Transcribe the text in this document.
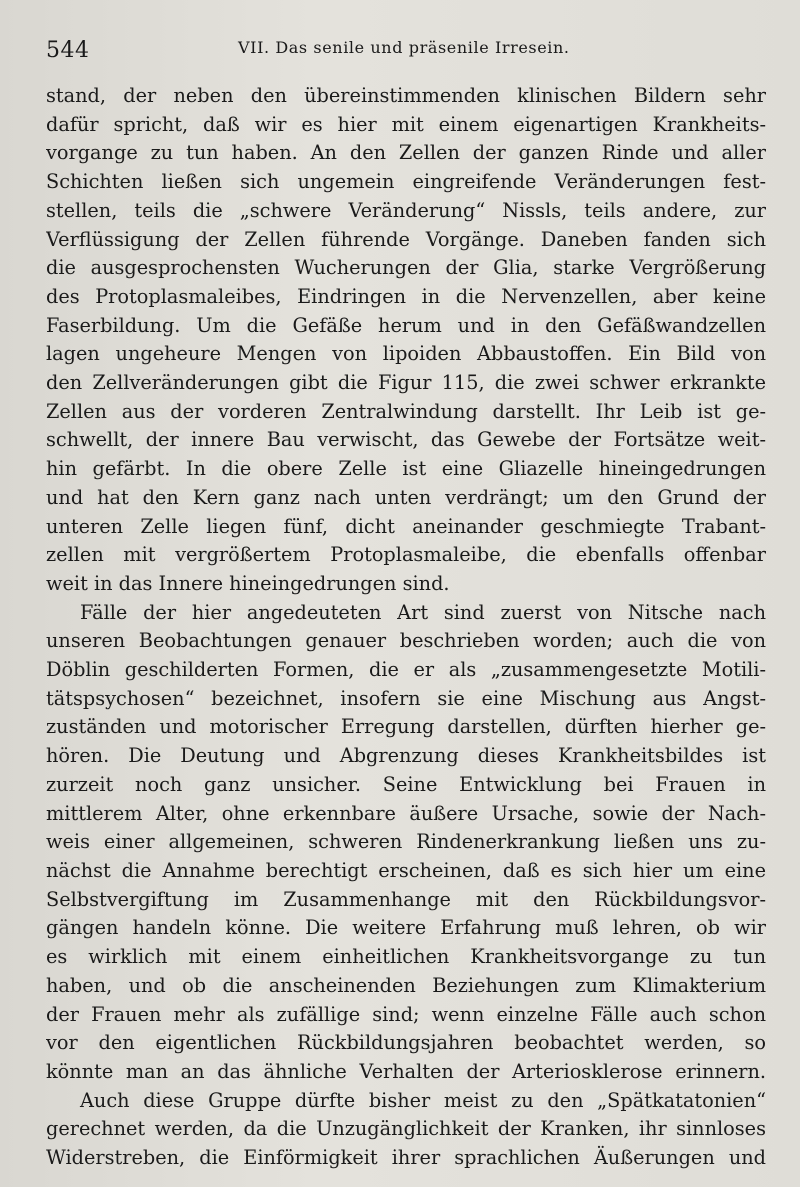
544	VII. Das senile und präsenile Irresein.
stand, der neben den übereinstimmenden klinischen Bildern sehr
dafür spricht, daß wir es hier mit einem eigenartigen Krankheits-
vorgange zu tun haben. An den Zellen der ganzen Rinde und aller
Schichten ließen sich ungemein eingreifende Veränderungen fest-
stellen, teils die „schwere Veränderung“ Nissls, teils andere, zur
Verflüssigung der Zellen führende Vorgänge. Daneben fanden sich
die ausgesprochensten Wucherungen der Glia, starke Vergrößerung
des Protoplasmaleibes, Eindringen in die Nervenzellen, aber keine
Faserbildung. Um die Gefäße herum und in den Gefäßwandzellen
lagen ungeheure Mengen von lipoiden Abbaustoffen. Ein Bild von
den Zellveränderungen gibt die Figur 115, die zwei schwer erkrankte
Zellen aus der vorderen Zentralwindung darstellt. Ihr Leib ist ge-
schwellt, der innere Bau verwischt, das Gewebe der Fortsätze weit-
hin gefärbt. In die obere Zelle ist eine Gliazelle hineingedrungen
und hat den Kern ganz nach unten verdrängt; um den Grund der
unteren Zelle liegen fünf, dicht aneinander geschmiegte Trabant-
zellen mit vergrößertem Protoplasmaleibe, die ebenfalls offenbar
weit in das Innere hineingedrungen sind.
Fälle der hier angedeuteten Art sind zuerst von Nitsche nach
unseren Beobachtungen genauer beschrieben worden; auch die von
Döblin geschilderten Formen, die er als „zusammengesetzte Motili-
tätspsychosen“ bezeichnet, insofern sie eine Mischung aus Angst-
zuständen und motorischer Erregung darstellen, dürften hierher ge-
hören. Die Deutung und Abgrenzung dieses Krankheitsbildes ist
zurzeit noch ganz unsicher. Seine Entwicklung bei Frauen in
mittlerem Alter, ohne erkennbare äußere Ursache, sowie der Nach-
weis einer allgemeinen, schweren Rindenerkrankung ließen uns zu-
nächst die Annahme berechtigt erscheinen, daß es sich hier um eine
Selbstvergiftung im Zusammenhange mit den Rückbildungsvor-
gängen handeln könne. Die weitere Erfahrung muß lehren, ob wir
es wirklich mit einem einheitlichen Krankheitsvorgange zu tun
haben, und ob die anscheinenden Beziehungen zum Klimakterium
der Frauen mehr als zufällige sind; wenn einzelne Fälle auch schon
vor den eigentlichen Rückbildungsjahren beobachtet werden, so
könnte man an das ähnliche Verhalten der Arteriosklerose erinnern.
Auch diese Gruppe dürfte bisher meist zu den „Spätkatatonien“
gerechnet werden, da die Unzugänglichkeit der Kranken, ihr sinnloses
Widerstreben, die Einförmigkeit ihrer sprachlichen Äußerungen und
